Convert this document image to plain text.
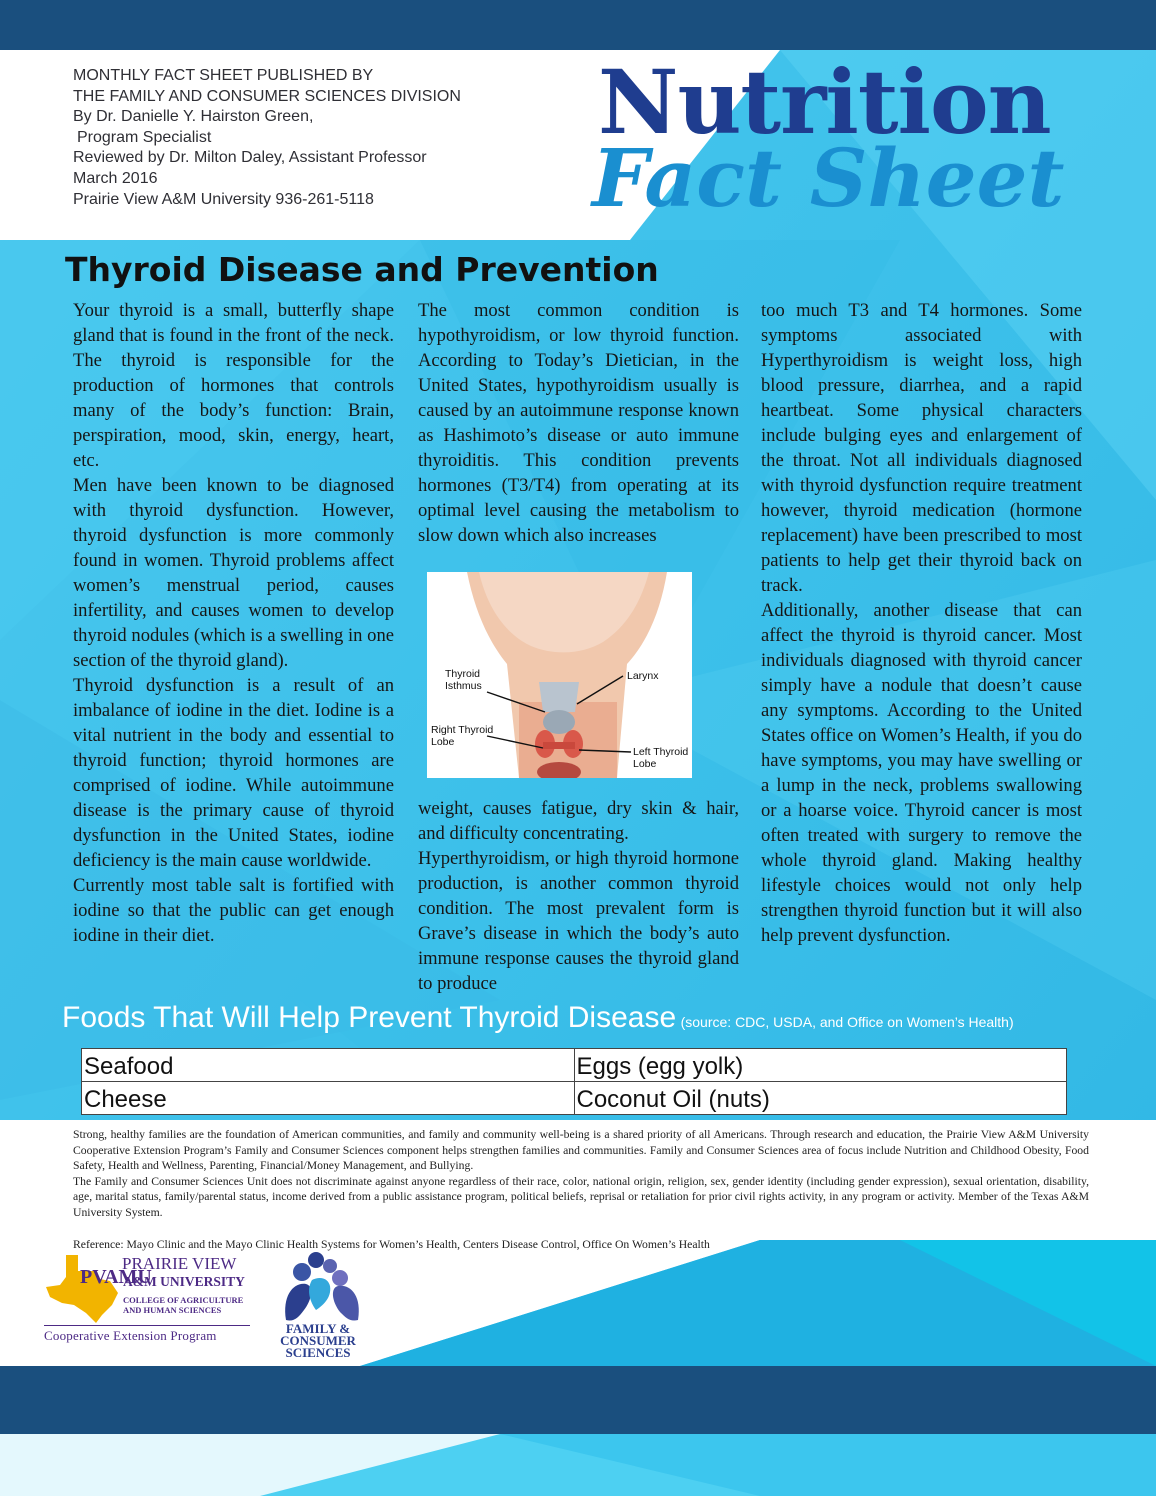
MONTHLY FACT SHEET PUBLISHED BY
THE FAMILY AND CONSUMER SCIENCES DIVISION
By Dr. Danielle Y. Hairston Green,
Program Specialist
Reviewed by Dr. Milton Daley, Assistant Professor
March 2016
Prairie View A&M University 936-261-5118
Nutrition
Fact Sheet
Thyroid Disease and Prevention

Your thyroid is a small, butterfly shape gland that is found in the front of the neck. The thyroid is responsible for the production of hormones that controls many of the body’s function: Brain, perspiration, mood, skin, energy, heart, etc.

Men have been known to be diagnosed with thyroid dysfunction. However, thyroid dysfunction is more commonly found in women. Thyroid problems affect women’s menstrual period, causes infertility, and causes women to develop thyroid nodules (which is a swelling in one section of the thyroid gland).

Thyroid dysfunction is a result of an imbalance of iodine in the diet. Iodine is a vital nutrient in the body and essential to thyroid function; thyroid hormones are comprised of iodine. While autoimmune disease is the primary cause of thyroid dysfunction in the United States, iodine deficiency is the main cause worldwide.

Currently most table salt is fortified with iodine so that the public can get enough iodine in their diet.

The most common condition is hypothyroidism, or low thyroid function. According to Today’s Dietician, in the United States, hypothyroidism usually is caused by an autoimmune response known as Hashimoto’s disease or auto immune thyroiditis. This condition prevents hormones (T3/T4) from operating at its optimal level causing the metabolism to slow down which also increases

weight, causes fatigue, dry skin & hair, and difficulty concentrating.

Hyperthyroidism, or high thyroid hormone production, is another common thyroid condition. The most prevalent form is Grave’s disease in which the body’s auto immune response causes the thyroid gland to produce

too much T3 and T4 hormones. Some symptoms associated with Hyperthyroidism is weight loss, high blood pressure, diarrhea, and a rapid heartbeat. Some physical characters include bulging eyes and enlargement of the throat. Not all individuals diagnosed with thyroid dysfunction require treatment however, thyroid medication (hormone replacement) have been prescribed to most patients to help get their thyroid back on track.

Additionally, another disease that can affect the thyroid is thyroid cancer. Most individuals diagnosed with thyroid cancer simply have a nodule that doesn’t cause any symptoms. According to the United States office on Women’s Health, if you do have symptoms, you may have swelling or a lump in the neck, problems swallowing or a hoarse voice. Thyroid cancer is most often treated with surgery to remove the whole thyroid gland. Making healthy lifestyle choices would not only help strengthen thyroid function but it will also help prevent dysfunction.

Thyroid
Isthmus
Larynx
Right Thyroid
Lobe
Left Thyroid
Lobe
Foods That Will Help Prevent Thyroid Disease (source: CDC, USDA, and Office on Women’s Health)
Seafood	Eggs (egg yolk)
Cheese	Coconut Oil (nuts)

Strong, healthy families are the foundation of American communities, and family and community well-being is a shared priority of all Americans. Through research and education, the Prairie View A&M University Cooperative Extension Program’s Family and Consumer Sciences component helps strengthen families and communities. Family and Consumer Sciences area of focus include Nutrition and Childhood Obesity, Food Safety, Health and Wellness, Parenting, Financial/Money Management, and Bullying.

The Family and Consumer Sciences Unit does not discriminate against anyone regardless of their race, color, national origin, religion, sex, gender identity (including gender expression), sexual orientation, disability, age, marital status, family/parental status, income derived from a public assistance program, political beliefs, reprisal or retaliation for prior civil rights activity, in any program or activity. Member of the Texas A&M University System.

Reference: Mayo Clinic and the Mayo Clinic Health Systems for Women’s Health, Centers Disease Control, Office On Women’s Health
PVAMU
PRAIRIE VIEW
A&M UNIVERSITY
COLLEGE OF AGRICULTURE
AND HUMAN SCIENCES
Cooperative Extension Program	FAMILY &
CONSUMER
SCIENCES
